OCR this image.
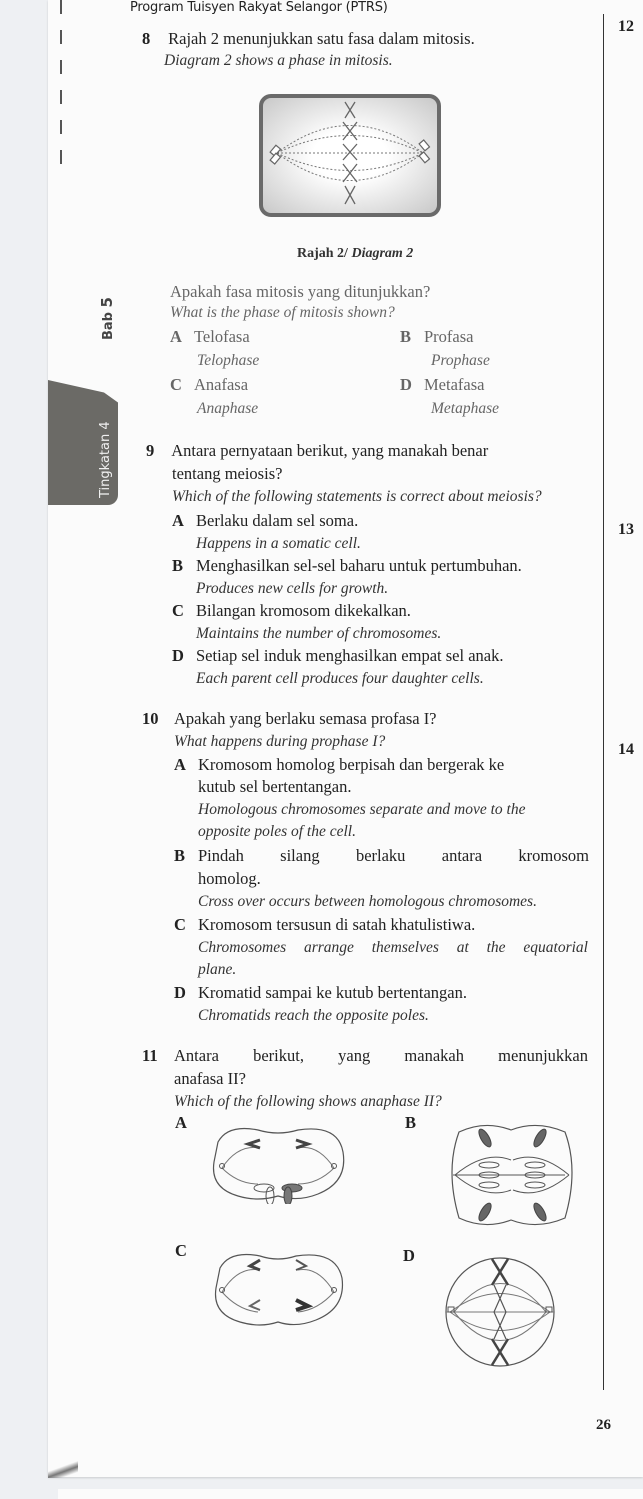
Program Tuisyen Rakyat Selangor (PTRS)
12
13
14
Bab 5
Tingkatan 4
8 Rajah 2 menunjukkan satu fasa dalam mitosis.
Diagram 2 shows a phase in mitosis.
Rajah 2/ Diagram 2
Apakah fasa mitosis yang ditunjukkan?
What is the phase of mitosis shown?
A Telofasa
Telophase
B Profasa
Prophase
C Anafasa
Anaphase
D Metafasa
Metaphase
9 Antara pernyataan berikut, yang manakah benar
tentang meiosis?
Which of the following statements is correct about meiosis?
A Berlaku dalam sel soma.
Happens in a somatic cell.
B Menghasilkan sel-sel baharu untuk pertumbuhan.
Produces new cells for growth.
C Bilangan kromosom dikekalkan.
Maintains the number of chromosomes.
D Setiap sel induk menghasilkan empat sel anak.
Each parent cell produces four daughter cells.
10 Apakah yang berlaku semasa profasa I?
What happens during prophase I?
A Kromosom homolog berpisah dan bergerak ke
kutub sel bertentangan.
Homologous chromosomes separate and move to the
opposite poles of the cell.
B Pindah silang berlaku antara kromosom
homolog.
Cross over occurs between homologous chromosomes.
C Kromosom tersusun di satah khatulistiwa.
Chromosomes arrange themselves at the equatorial
plane.
D Kromatid sampai ke kutub bertentangan.
Chromatids reach the opposite poles.
11 Antara berikut, yang manakah menunjukkan
anafasa II?
Which of the following shows anaphase II?
A	B
C	D
26
